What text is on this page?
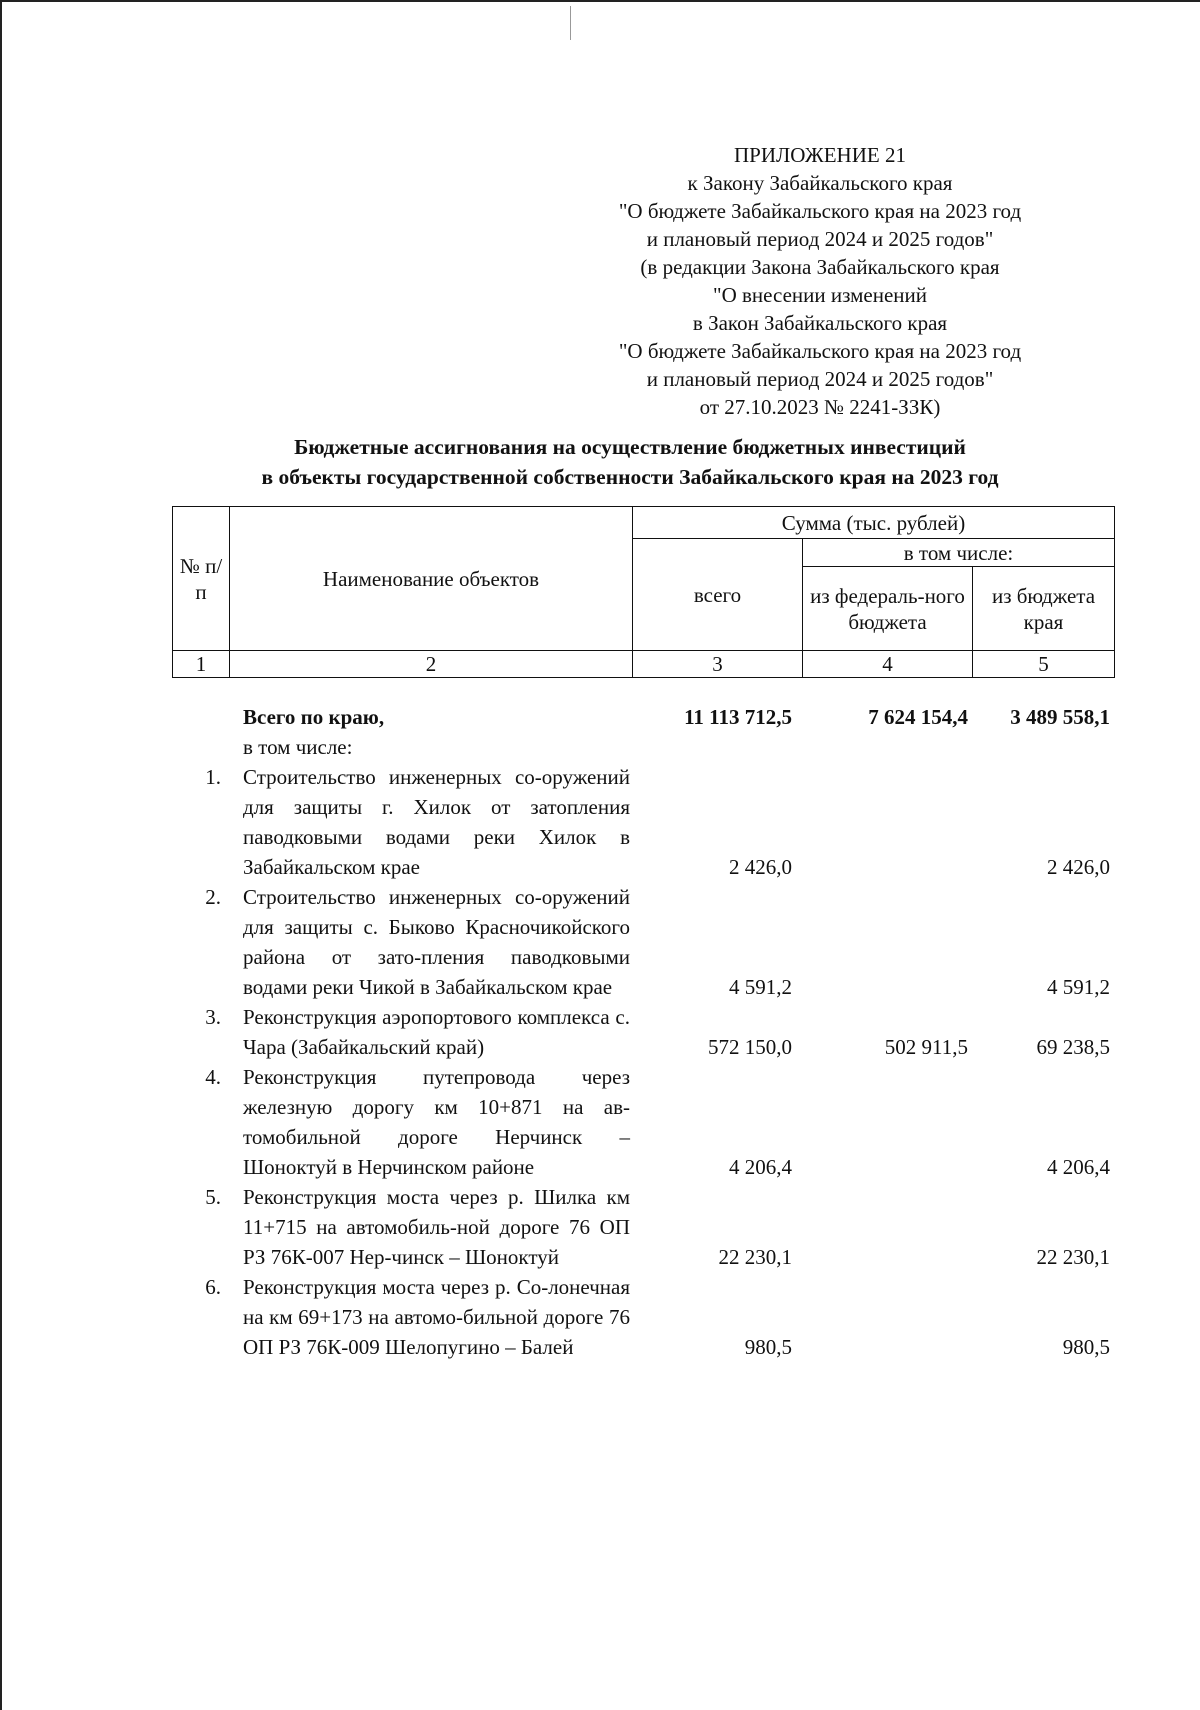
ПРИЛОЖЕНИЕ 21
к Закону Забайкальского края
"О бюджете Забайкальского края на 2023 год
и плановый период 2024 и 2025 годов"
(в редакции Закона Забайкальского края
"О внесении изменений
в Закон Забайкальского края
"О бюджете Забайкальского края на 2023 год
и плановый период 2024 и 2025 годов"
от 27.10.2023 № 2241-ЗЗК)
Бюджетные ассигнования на осуществление бюджетных инвестиций
в объекты государственной собственности Забайкальского края на 2023 год
№ п/п	Наименование объектов	Сумма (тыс. рублей)		
		всего	в том числе:	
			из федераль-ного бюджета	из бюджета края
1	2	3	4	5
	Всего по краю,	11 113 712,5	7 624 154,4	3 489 558,1
	в том числе:			
1.	Строительство инженерных со-оружений для защиты г. Хилок от затопления паводковыми водами реки Хилок в Забайкальском крае	2 426,0		2 426,0
2.	Строительство инженерных со-оружений для защиты с. Быково Красночикойского района от зато-пления паводковыми водами реки Чикой в Забайкальском крае	4 591,2		4 591,2
3.	Реконструкция аэропортового комплекса с. Чара (Забайкальский край)	572 150,0	502 911,5	69 238,5
4.	Реконструкция путепровода через железную дорогу км 10+871 на ав-томобильной дороге Нерчинск – Шоноктуй в Нерчинском районе	4 206,4		4 206,4
5.	Реконструкция моста через р. Шилка км 11+715 на автомобиль-ной дороге 76 ОП РЗ 76К-007 Нер-чинск – Шоноктуй	22 230,1		22 230,1
6.	Реконструкция моста через р. Со-лонечная на км 69+173 на автомо-бильной дороге 76 ОП РЗ 76К-009 Шелопугино – Балей	980,5		980,5
